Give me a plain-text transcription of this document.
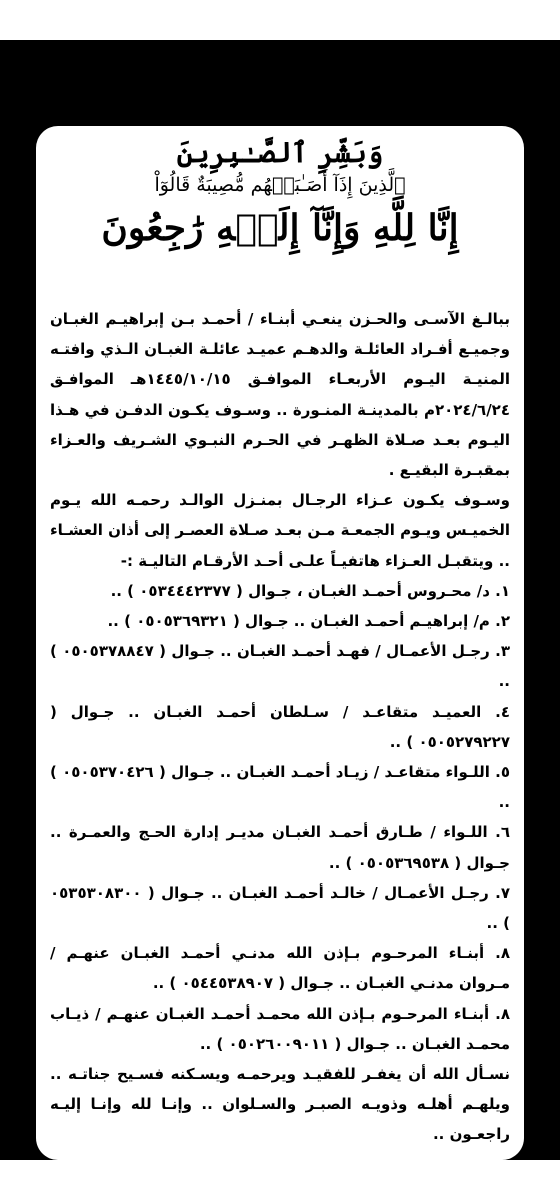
وَبَشِّرِ ٱلصَّـٰبِرِينَ
ٱلَّذِينَ إِذَآ أَصَـٰبَتۡهُم مُّصِيبَةٌ قَالُوٓاْ
إِنَّا لِلَّهِ وَإِنَّآ إِلَيۡهِ رَٰجِعُونَ

ببالـغ الآسـى والحـزن ينعـي أبنـاء / أحمـد بـن إبراهيـم الغبـان وجميـع أفـراد العائلـة والدهـم عميـد عائلـة الغبـان الـذي وافتـه المنيـة اليـوم الأربعـاء الموافـق ١٤٤٥/١٠/١٥هـ الموافـق ٢٠٢٤/٦/٢٤م بالمدينـة المنـورة .. وسـوف يكـون الدفـن في هـذا اليـوم بعـد صـلاة الظهـر في الحـرم النبـوي الشـريف والعـزاء بمقبـرة البقيـع .

وسـوف يكـون عـزاء الرجـال بمنـزل الوالـد رحمـه الله يـوم الخميـس ويـوم الجمعـة مـن بعـد صـلاة العصـر إلى أذان العشـاء .. ويتقبـل العـزاء هاتفيـاً علـى أحـد الأرقـام التاليـة :-

١. د/ محـروس أحمـد الغبـان ، جـوال ( ٠٥٣٤٤٤٢٣٧٧ ) ..
٢. م/ إبراهيـم أحمـد الغبـان .. جـوال ( ٠٥٠٥٣٦٩٣٢١ ) ..
٣. رجـل الأعمـال / فهـد أحمـد الغبـان .. جـوال ( ٠٥٠٥٣٧٨٨٤٧ ) ..
٤. العميـد متقاعـد / سـلطان أحمـد الغبـان .. جـوال ( ٠٥٠٥٢٧٩٢٢٧ ) ..
٥. اللـواء متقاعـد / زيـاد أحمـد الغبـان .. جـوال ( ٠٥٠٥٣٧٠٤٢٦ ) ..
٦. اللـواء / طـارق أحمـد الغبـان مديـر إدارة الحـج والعمـرة .. جـوال ( ٠٥٠٥٣٦٩٥٣٨ ) ..
٧. رجـل الأعمـال / خالـد أحمـد الغبـان .. جـوال ( ٠٥٣٥٣٠٨٣٠٠ ) ..
٨. أبنـاء المرحـوم بـإذن الله مدنـي أحمـد الغبـان عنهـم / مـروان مدنـي الغبـان .. جـوال ( ٠٥٤٤٥٣٨٩٠٧ ) ..
٨. أبنـاء المرحـوم بـإذن الله محمـد أحمـد الغبـان عنهـم / ذيـاب محمـد الغبـان .. جـوال ( ٠٥٠٢٦٠٠٩٠١١ ) ..

نسـأل الله أن يغفـر للفقيـد ويرحمـه ويسـكنه فسـيح جناتـه .. ويلهـم أهلـه وذويـه الصبـر والسـلوان .. وإنـا لله وإنـا إليـه راجعـون ..
